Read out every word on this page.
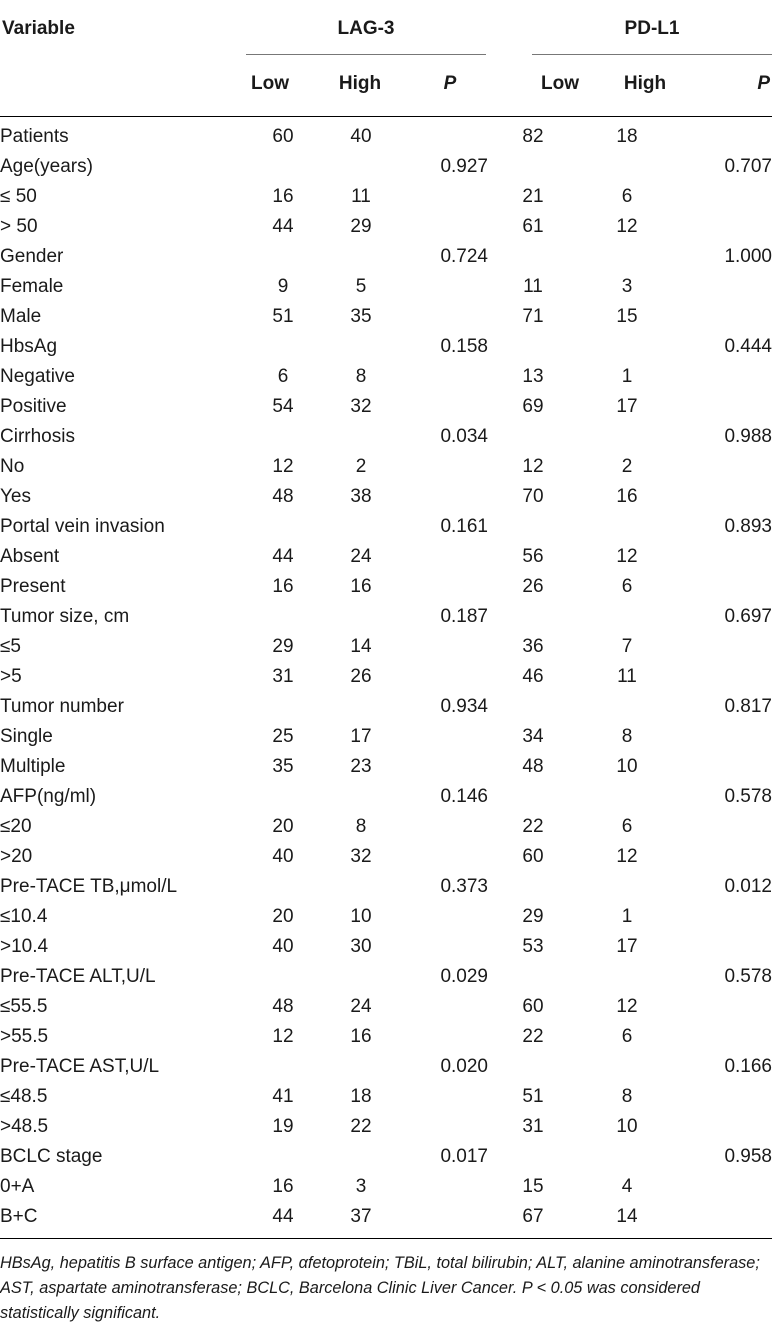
Variable	LAG-3	PD-L1
Low	High	P	Low	High	P
Patients	60	40		82	18	
Age(years)			0.927			0.707
≤ 50	16	11		21	6	
> 50	44	29		61	12	
Gender			0.724			1.000
Female	9	5		11	3	
Male	51	35		71	15	
HbsAg			0.158			0.444
Negative	6	8		13	1	
Positive	54	32		69	17	
Cirrhosis			0.034			0.988
No	12	2		12	2	
Yes	48	38		70	16	
Portal vein invasion			0.161			0.893
Absent	44	24		56	12	
Present	16	16		26	6	
Tumor size, cm			0.187			0.697
≤5	29	14		36	7	
>5	31	26		46	11	
Tumor number			0.934			0.817
Single	25	17		34	8	
Multiple	35	23		48	10	
AFP(ng/ml)			0.146			0.578
≤20	20	8		22	6	
>20	40	32		60	12	
Pre-TACE TB,μmol/L			0.373			0.012
≤10.4	20	10		29	1	
>10.4	40	30		53	17	
Pre-TACE ALT,U/L			0.029			0.578
≤55.5	48	24		60	12	
>55.5	12	16		22	6	
Pre-TACE AST,U/L			0.020			0.166
≤48.5	41	18		51	8	
>48.5	19	22		31	10	
BCLC stage			0.017			0.958
0+A	16	3		15	4	
B+C	44	37		67	14	
HBsAg, hepatitis B surface antigen; AFP, αfetoprotein; TBiL, total bilirubin; ALT, alanine aminotransferase; AST, aspartate aminotransferase; BCLC, Barcelona Clinic Liver Cancer. P < 0.05 was considered statistically significant.
